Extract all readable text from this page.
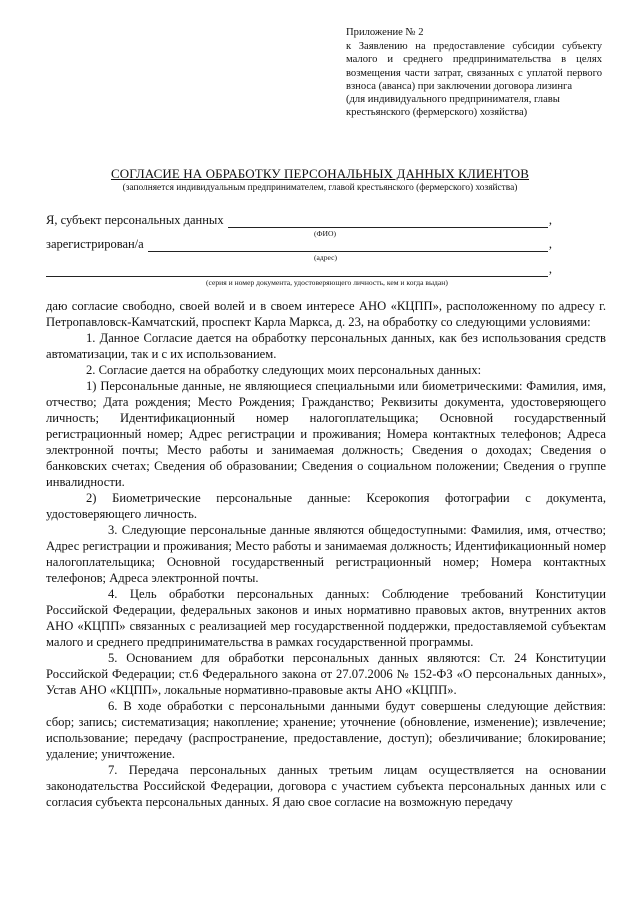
Приложение № 2
к Заявлению на предоставление субсидии субъекту малого и среднего предпринимательства в целях возмещения части затрат, связанных с уплатой первого взноса (аванса) при заключении договора лизинга
(для индивидуального предпринимателя, главы крестьянского (фермерского) хозяйства)
СОГЛАСИЕ НА ОБРАБОТКУ ПЕРСОНАЛЬНЫХ ДАННЫХ КЛИЕНТОВ
(заполняется индивидуальным предпринимателем, главой крестьянского (фермерского) хозяйства)
Я, субъект персональных данных	,
(ФИО)
зарегистрирован/а	,
(адрес)
,
(серия и номер документа, удостоверяющего личность, кем и когда выдан)

даю согласие свободно, своей волей и в своем интересе АНО «КЦПП», расположенному по адресу г. Петропавловск-Камчатский, проспект Карла Маркса, д. 23, на обработку со следующими условиями:

1. Данное Согласие дается на обработку персональных данных, как без использования средств автоматизации, так и с их использованием.

2. Согласие дается на обработку следующих моих персональных данных:

1) Персональные данные, не являющиеся специальными или биометрическими: Фамилия, имя, отчество; Дата рождения; Место Рождения; Гражданство; Реквизиты документа, удостоверяющего личность; Идентификационный номер налогоплательщика; Основной государственный регистрационный номер; Адрес регистрации и проживания; Номера контактных телефонов; Адреса электронной почты; Место работы и занимаемая должность; Сведения о доходах; Сведения о банковских счетах; Сведения об образовании; Сведения о социальном положении; Сведения о группе инвалидности.

2) Биометрические персональные данные: Ксерокопия фотографии с документа, удостоверяющего личность.

3. Следующие персональные данные являются общедоступными: Фамилия, имя, отчество; Адрес регистрации и проживания; Место работы и занимаемая должность; Идентификационный номер налогоплательщика; Основной государственный регистрационный номер; Номера контактных телефонов; Адреса электронной почты.

4. Цель обработки персональных данных: Соблюдение требований Конституции Российской Федерации, федеральных законов и иных нормативно правовых актов, внутренних актов АНО «КЦПП» связанных с реализацией мер государственной поддержки, предоставляемой субъектам малого и среднего предпринимательства в рамках государственной программы.

5. Основанием для обработки персональных данных являются: Ст. 24 Конституции Российской Федерации; ст.6 Федерального закона от 27.07.2006 № 152-ФЗ «О персональных данных», Устав АНО «КЦПП», локальные нормативно-правовые акты АНО «КЦПП».

6. В ходе обработки с персональными данными будут совершены следующие действия: сбор; запись; систематизация; накопление; хранение; уточнение (обновление, изменение); извлечение; использование; передачу (распространение, предоставление, доступ); обезличивание; блокирование; удаление; уничтожение.

7. Передача персональных данных третьим лицам осуществляется на основании законодательства Российской Федерации, договора с участием субъекта персональных данных или с согласия субъекта персональных данных. Я даю свое согласие на возможную передачу
